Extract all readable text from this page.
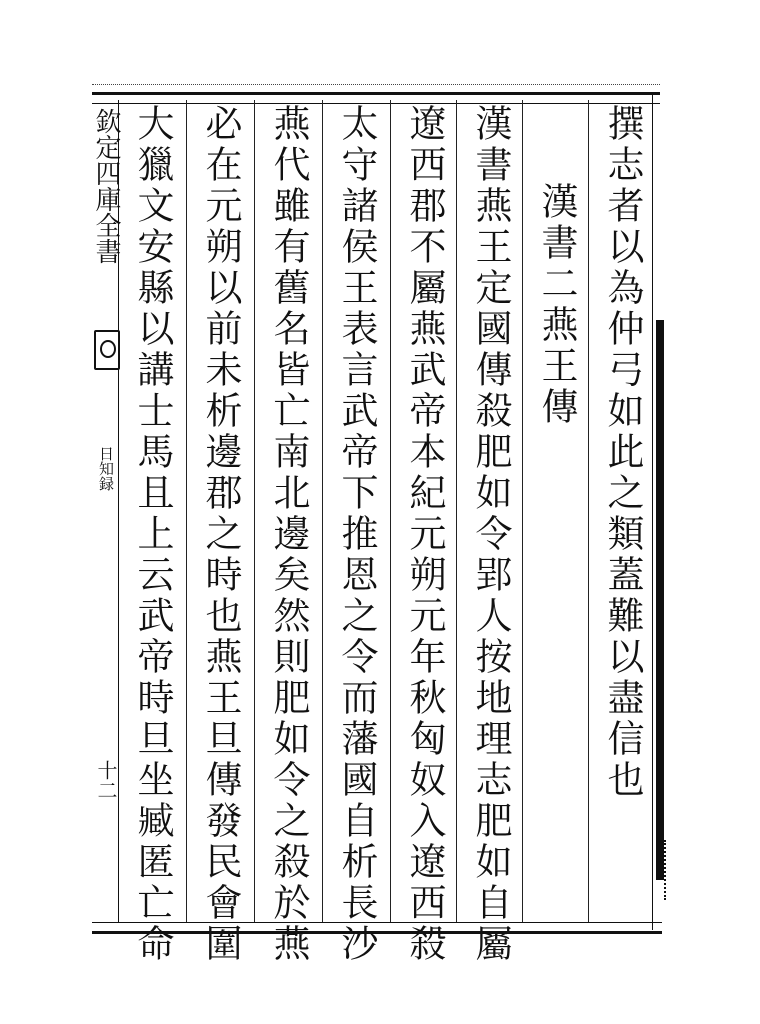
欽定四庫全書
日知録
十二	撰志者以為仲弓如此之類蓋難以盡信也
漢書二燕王傳
漢書燕王定國傳殺肥如令郢人按地理志肥如自屬
遼西郡不屬燕武帝本紀元朔元年秋匈奴入遼西殺
太守諸侯王表言武帝下推恩之令而藩國自析長沙
燕代雖有舊名皆亡南北邊矣然則肥如令之殺於燕
必在元朔以前未析邊郡之時也燕王旦傳發民會圍
大獵文安縣以講士馬且上云武帝時旦坐臧匿亡命
